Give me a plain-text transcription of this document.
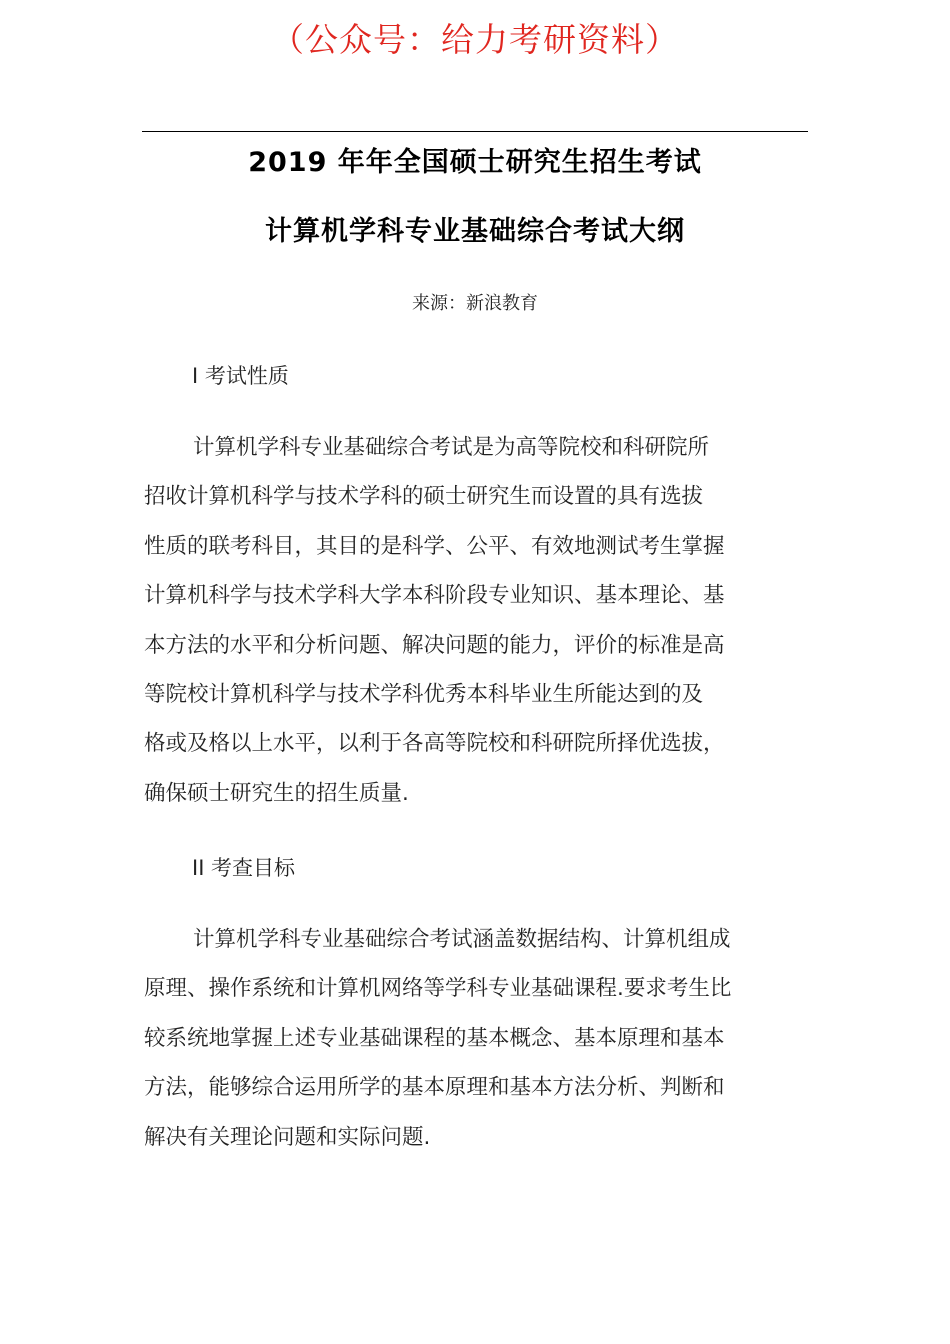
（公众号：给力考研资料）
2019 年年全国硕士研究生招生考试
计算机学科专业基础综合考试大纲
来源：新浪教育
I 考试性质
计算机学科专业基础综合考试是为高等院校和科研院所
招收计算机科学与技术学科的硕士研究生而设置的具有选拔
性质的联考科目，其目的是科学、公平、有效地测试考生掌握
计算机科学与技术学科大学本科阶段专业知识、基本理论、基
本方法的水平和分析问题、解决问题的能力，评价的标准是高
等院校计算机科学与技术学科优秀本科毕业生所能达到的及
格或及格以上水平，以利于各高等院校和科研院所择优选拔，
确保硕士研究生的招生质量.
II 考查目标
计算机学科专业基础综合考试涵盖数据结构、计算机组成
原理、操作系统和计算机网络等学科专业基础课程.要求考生比
较系统地掌握上述专业基础课程的基本概念、基本原理和基本
方法，能够综合运用所学的基本原理和基本方法分析、判断和
解决有关理论问题和实际问题.
